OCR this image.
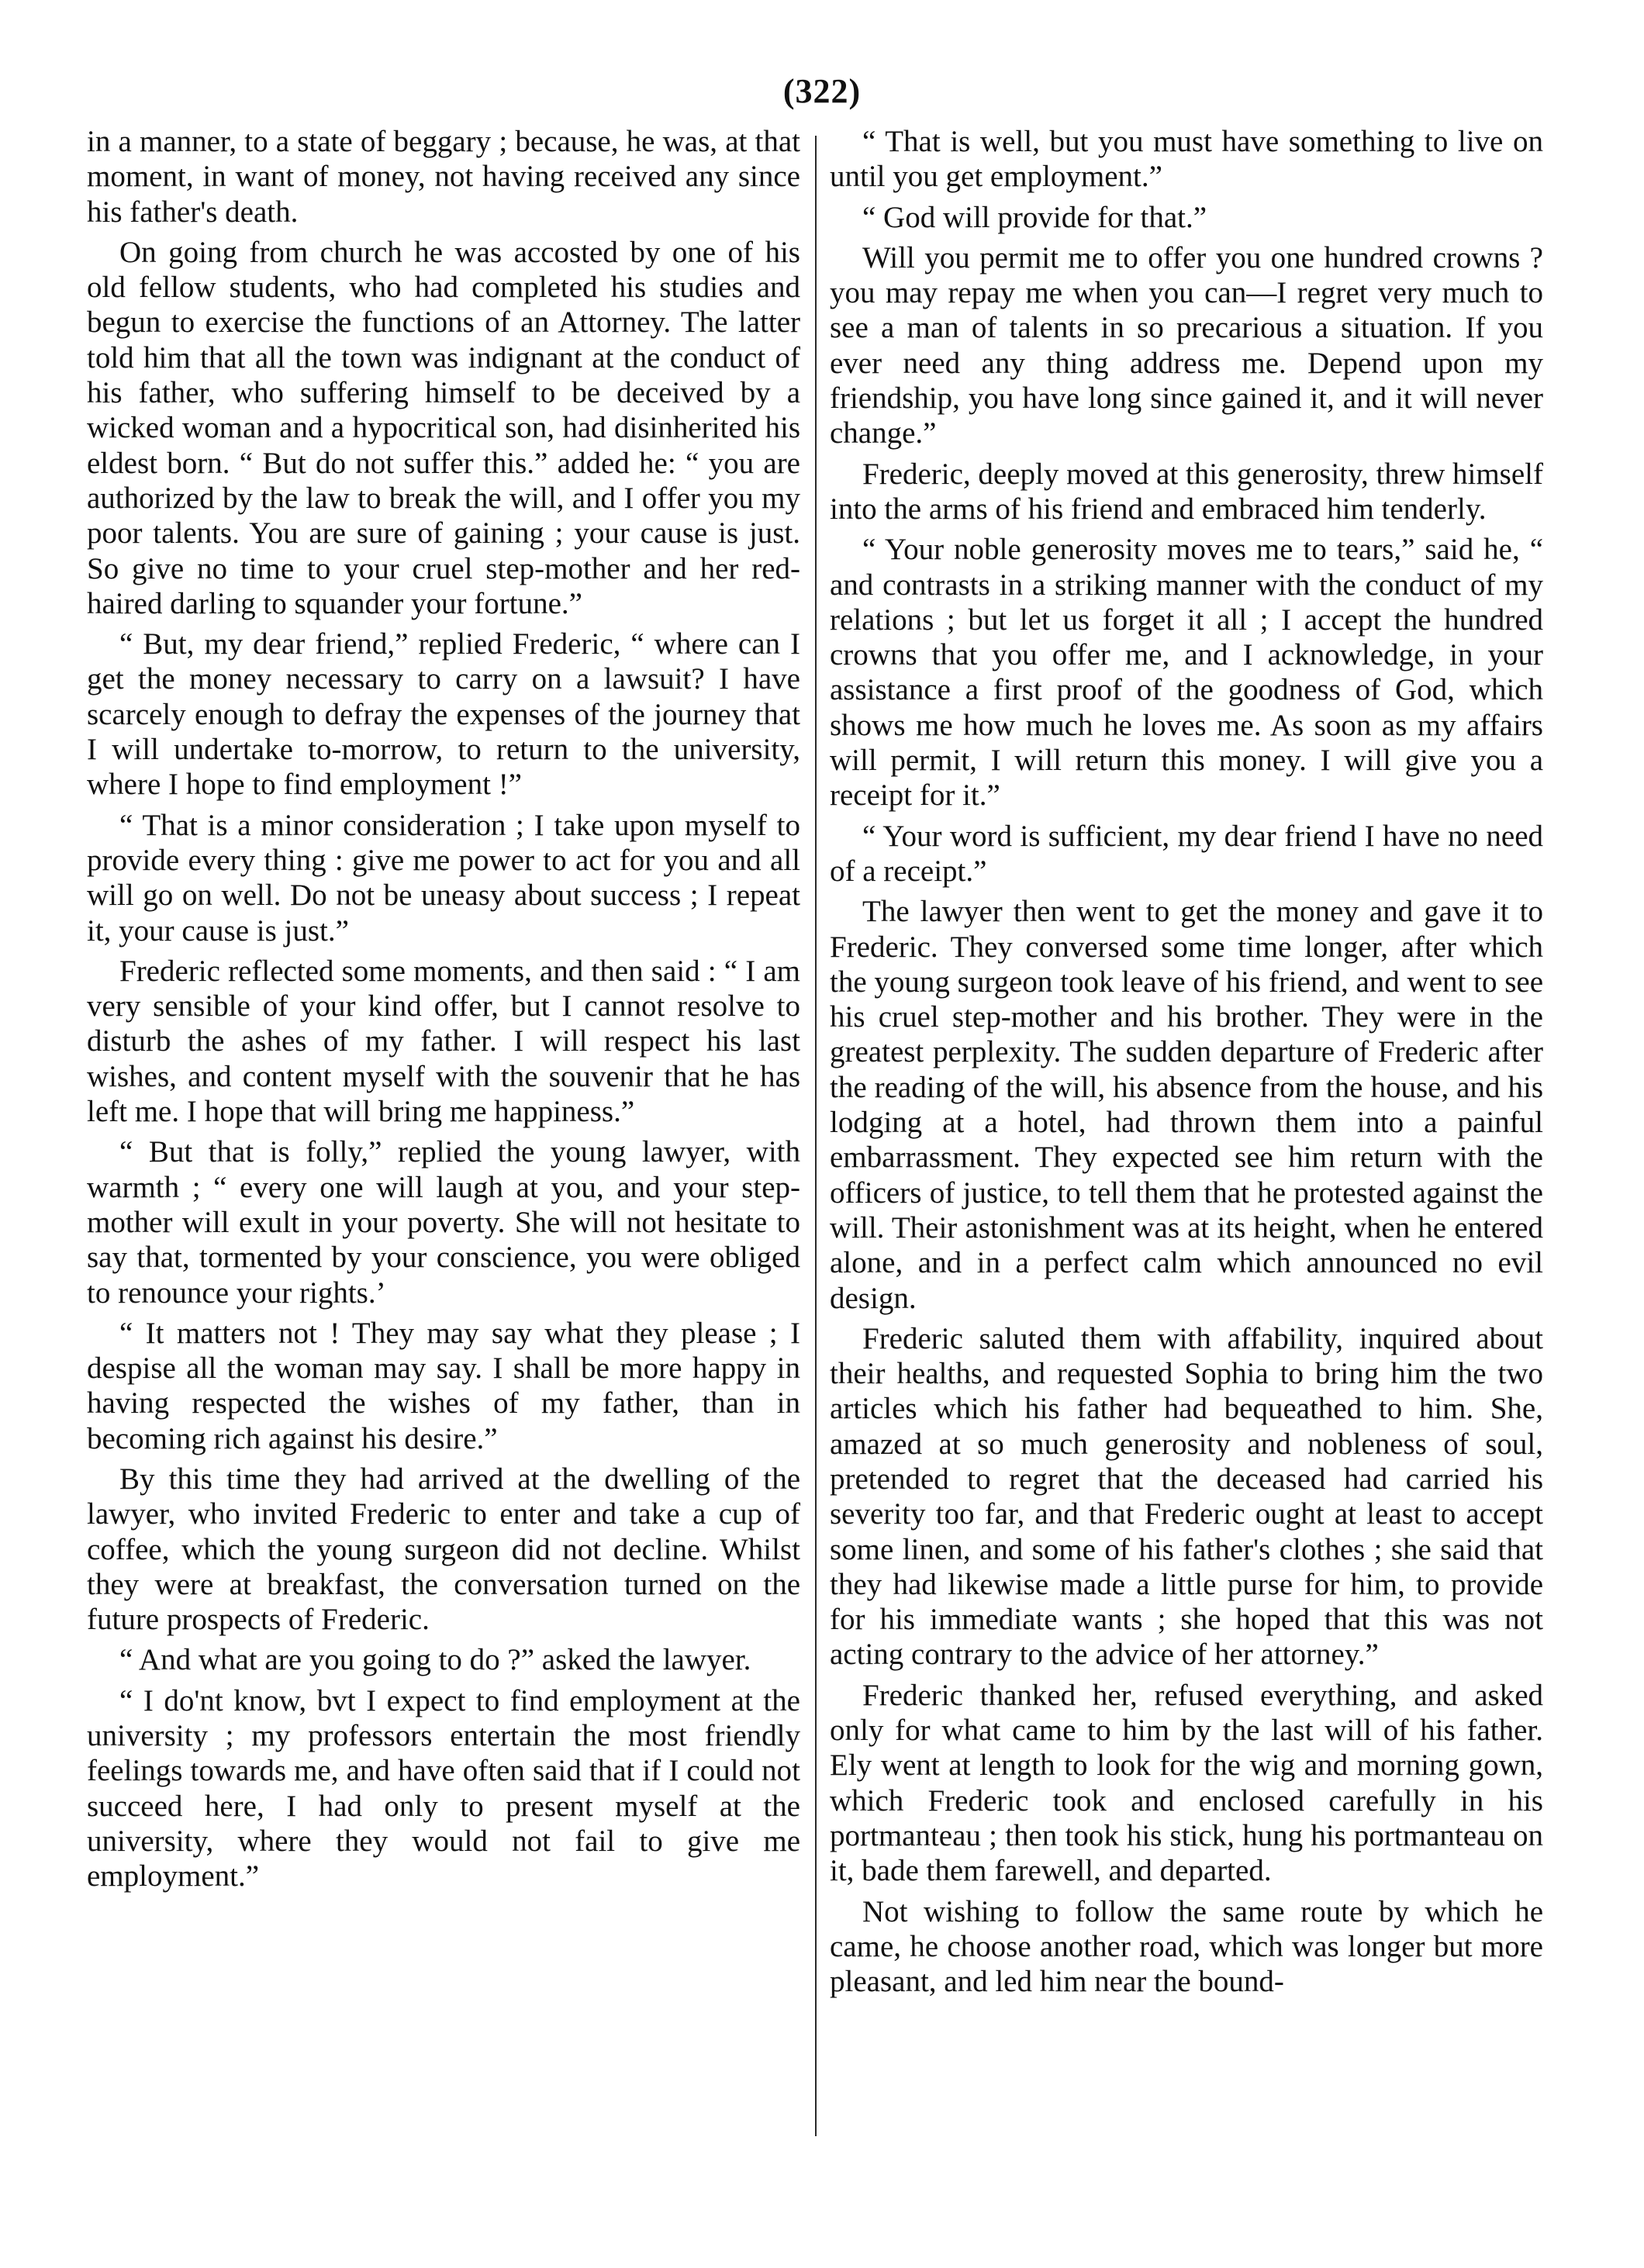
(322)

in a manner, to a state of beggary ; because, he was, at that moment, in want of money, not having received any since his father's death.

On going from church he was accosted by one of his old fellow students, who had completed his studies and begun to exercise the functions of an Attorney. The latter told him that all the town was indignant at the conduct of his father, who suffering himself to be deceived by a wicked woman and a hypocritical son, had disinherited his eldest born. “ But do not suffer this.” added he: “ you are authorized by the law to break the will, and I offer you my poor talents. You are sure of gaining ; your cause is just. So give no time to your cruel step-mother and her red-haired darling to squander your fortune.”

“ But, my dear friend,” replied Frederic, “ where can I get the money necessary to carry on a lawsuit? I have scarcely enough to defray the expenses of the journey that I will undertake to-morrow, to return to the university, where I hope to find employment !”

“ That is a minor consideration ; I take upon myself to provide every thing : give me power to act for you and all will go on well. Do not be uneasy about success ; I repeat it, your cause is just.”

Frederic reflected some moments, and then said : “ I am very sensible of your kind offer, but I cannot resolve to disturb the ashes of my father. I will respect his last wishes, and content myself with the souvenir that he has left me. I hope that will bring me happiness.”

“ But that is folly,” replied the young lawyer, with warmth ; “ every one will laugh at you, and your step-mother will exult in your poverty. She will not hesitate to say that, tormented by your conscience, you were obliged to renounce your rights.’

“ It matters not ! They may say what they please ; I despise all the woman may say. I shall be more happy in having respected the wishes of my father, than in becoming rich against his desire.”

By this time they had arrived at the dwelling of the lawyer, who invited Frederic to enter and take a cup of coffee, which the young surgeon did not decline. Whilst they were at breakfast, the conversation turned on the future prospects of Frederic.

“ And what are you going to do ?” asked the lawyer.

“ I do'nt know, bvt I expect to find employment at the university ; my professors entertain the most friendly feelings towards me, and have often said that if I could not succeed here, I had only to present myself at the university, where they would not fail to give me employment.”

“ That is well, but you must have something to live on until you get employment.”

“ God will provide for that.”

Will you permit me to offer you one hundred crowns ? you may repay me when you can—I regret very much to see a man of talents in so precarious a situation. If you ever need any thing address me. Depend upon my friendship, you have long since gained it, and it will never change.”

Frederic, deeply moved at this generosity, threw himself into the arms of his friend and embraced him tenderly.

“ Your noble generosity moves me to tears,” said he, “ and contrasts in a striking manner with the conduct of my relations ; but let us forget it all ; I accept the hundred crowns that you offer me, and I acknowledge, in your assistance a first proof of the goodness of God, which shows me how much he loves me. As soon as my affairs will permit, I will return this money. I will give you a receipt for it.”

“ Your word is sufficient, my dear friend I have no need of a receipt.”

The lawyer then went to get the money and gave it to Frederic. They conversed some time longer, after which the young surgeon took leave of his friend, and went to see his cruel step-mother and his brother. They were in the greatest perplexity. The sudden departure of Frederic after the reading of the will, his absence from the house, and his lodging at a hotel, had thrown them into a painful embarrassment. They expected see him return with the officers of justice, to tell them that he protested against the will. Their astonishment was at its height, when he entered alone, and in a perfect calm which announced no evil design.

Frederic saluted them with affability, inquired about their healths, and requested Sophia to bring him the two articles which his father had bequeathed to him. She, amazed at so much generosity and nobleness of soul, pretended to regret that the deceased had carried his severity too far, and that Frederic ought at least to accept some linen, and some of his father's clothes ; she said that they had likewise made a little purse for him, to provide for his immediate wants ; she hoped that this was not acting contrary to the advice of her attorney.”

Frederic thanked her, refused everything, and asked only for what came to him by the last will of his father. Ely went at length to look for the wig and morning gown, which Frederic took and enclosed carefully in his portmanteau ; then took his stick, hung his portmanteau on it, bade them farewell, and departed.

Not wishing to follow the same route by which he came, he choose another road, which was longer but more pleasant, and led him near the bound-
